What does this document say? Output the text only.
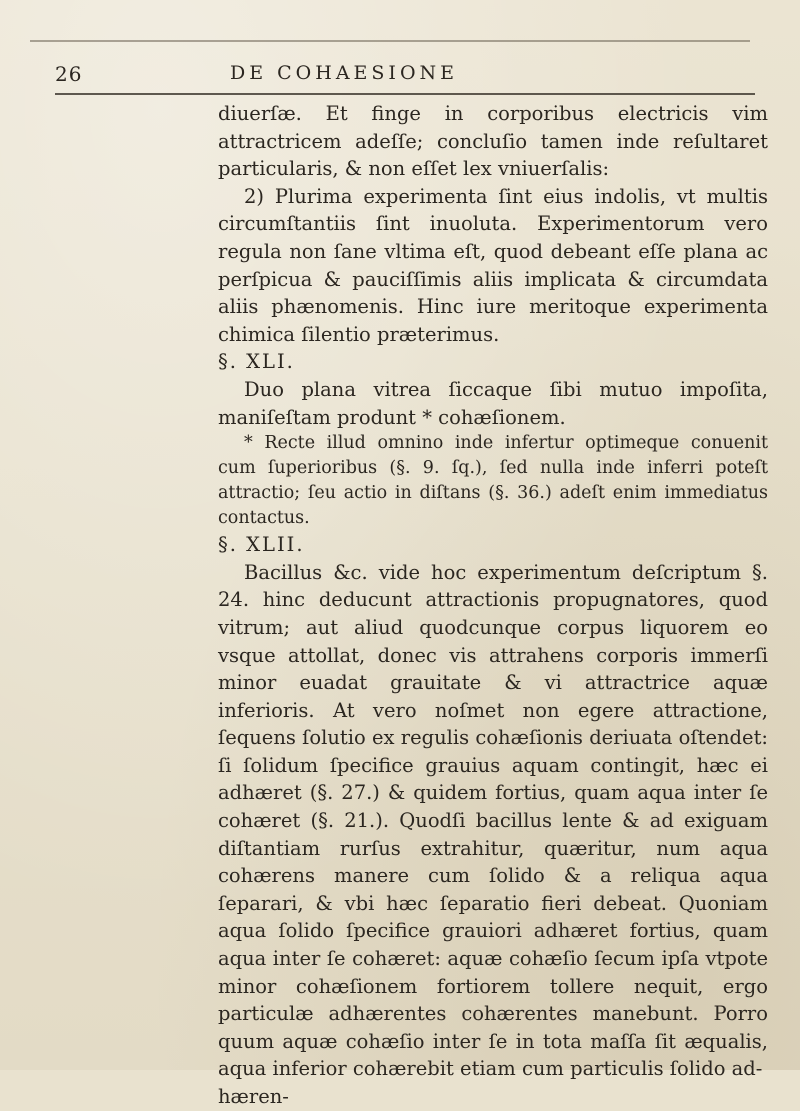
26	DE COHAESIONE

diuerſæ. Et finge in corporibus electricis vim attractricem adeſſe; concluſio tamen inde reſultaret particularis, & non eſſet lex vniuerſalis:

2) Plurima experimenta ſint eius indolis, vt multis circumſtantiis ſint inuoluta. Experimentorum vero regula non ſane vltima eſt, quod debeant eſſe plana ac perſpicua & pauciſſimis aliis implicata & circumdata aliis phænomenis. Hinc iure meritoque experimenta chimica ſilentio præterimus.

§. XLI.

Duo plana vitrea ſiccaque ſibi mutuo impoſita, maniſeſtam produnt * cohæſionem.

* Recte illud omnino inde infertur optimeque conuenit cum ſuperioribus (§. 9. ſq.), ſed nulla inde inferri poteſt attractio; ſeu actio in diſtans (§. 36.) adeſt enim immediatus contactus.

§. XLII.

Bacillus &c. vide hoc experimentum deſcriptum §. 24. hinc deducunt attractionis propugnatores, quod vitrum; aut aliud quodcunque corpus liquorem eo vsque attollat, donec vis attrahens corporis immerſi minor euadat grauitate & vi attractrice aquæ inferioris. At vero noſmet non egere attractione, ſequens ſolutio ex regulis cohæſionis deriuata oſtendet: ſi ſolidum ſpecifice grauius aquam contingit, hæc ei adhæret (§. 27.) & quidem fortius, quam aqua inter ſe cohæret (§. 21.). Quodſi bacillus lente & ad exiguam diſtantiam rurſus extrahitur, quæritur, num aqua cohærens manere cum ſolido & a reliqua aqua ſeparari, & vbi hæc ſeparatio fieri debeat. Quoniam aqua ſolido ſpecifice grauiori adhæret fortius, quam aqua inter ſe cohæret: aquæ cohæſio ſecum ipſa vtpote minor cohæſionem fortiorem tollere nequit, ergo particulæ adhærentes cohærentes manebunt. Porro quum aquæ cohæſio inter ſe in tota maſſa ſit æqualis, aqua inferior cohærebit etiam cum particulis ſolido ad-

hæren-
